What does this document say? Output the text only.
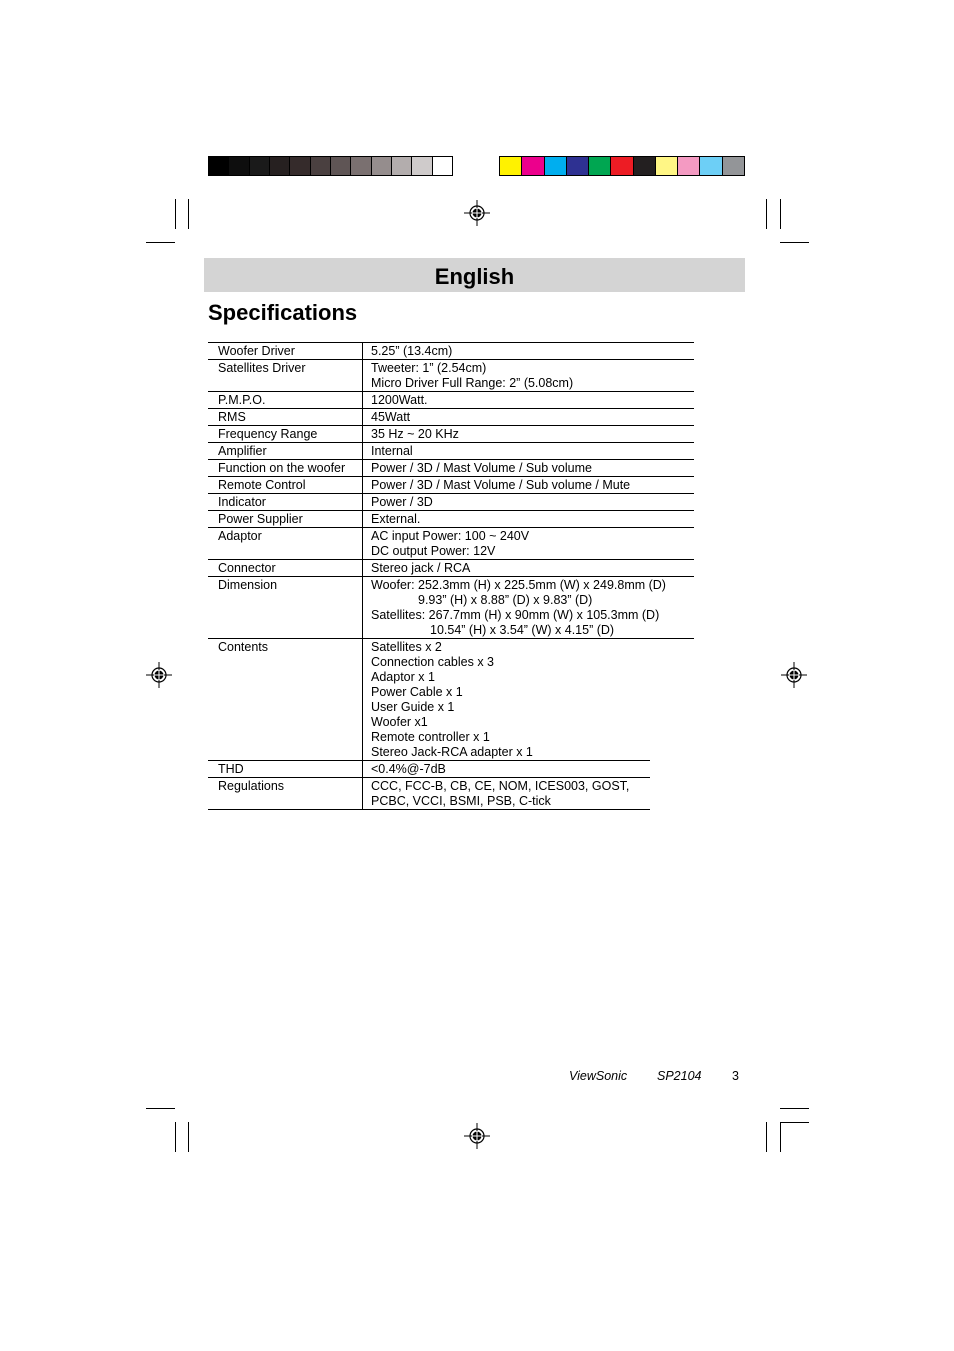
English
Specifications
Woofer Driver	5.25” (13.4cm)
Satellites Driver	Tweeter: 1” (2.54cm)
Micro Driver Full Range: 2” (5.08cm)
P.M.P.O.	1200Watt.
RMS	45Watt
Frequency Range	35 Hz ~ 20 KHz
Amplifier	Internal
Function on the woofer	Power / 3D / Mast Volume / Sub volume
Remote Control	Power / 3D / Mast Volume / Sub volume / Mute
Indicator	Power / 3D
Power Supplier	External.
Adaptor	AC input Power: 100 ~ 240V
DC output Power: 12V
Connector	Stereo jack / RCA
Dimension	Woofer: 252.3mm (H) x 225.5mm (W) x 249.8mm (D)
9.93” (H) x 8.88” (D) x 9.83” (D)
Satellites: 267.7mm (H) x 90mm (W) x 105.3mm (D)
10.54” (H) x 3.54” (W) x 4.15” (D)
Contents	Satellites x 2
Connection cables x 3
Adaptor x 1
Power Cable x 1
User Guide x 1
Woofer x1
Remote controller x 1
Stereo Jack-RCA adapter x 1
THD	<0.4%@-7dB
Regulations	CCC, FCC-B, CB, CE, NOM, ICES003, GOST,
PCBC, VCCI, BSMI, PSB, C-tick
ViewSonic SP2104 3
